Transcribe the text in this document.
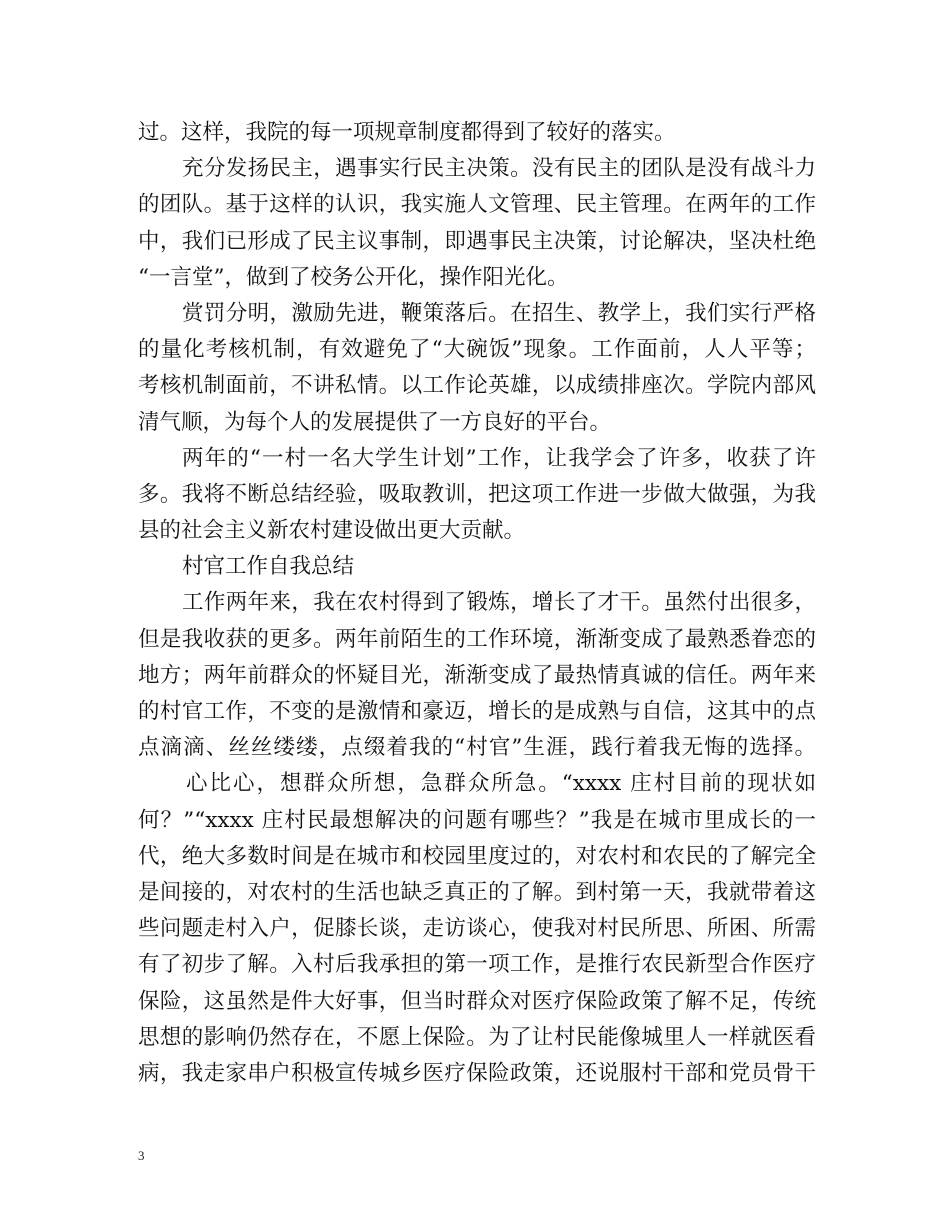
过。这样，我院的每一项规章制度都得到了较好的落实。
充分发扬民主，遇事实行民主决策。没有民主的团队是没有战斗力
的团队。基于这样的认识，我实施人文管理、民主管理。在两年的工作
中，我们已形成了民主议事制，即遇事民主决策，讨论解决，坚决杜绝
“一言堂”，做到了校务公开化，操作阳光化。
赏罚分明，激励先进，鞭策落后。在招生、教学上，我们实行严格
的量化考核机制，有效避免了“大碗饭”现象。工作面前，人人平等；
考核机制面前，不讲私情。以工作论英雄，以成绩排座次。学院内部风
清气顺，为每个人的发展提供了一方良好的平台。
两年的“一村一名大学生计划”工作，让我学会了许多，收获了许
多。我将不断总结经验，吸取教训，把这项工作进一步做大做强，为我
县的社会主义新农村建设做出更大贡献。
村官工作自我总结
工作两年来，我在农村得到了锻炼，增长了才干。虽然付出很多，
但是我收获的更多。两年前陌生的工作环境，渐渐变成了最熟悉眷恋的
地方；两年前群众的怀疑目光，渐渐变成了最热情真诚的信任。两年来
的村官工作，不变的是激情和豪迈，增长的是成熟与自信，这其中的点
点滴滴、丝丝缕缕，点缀着我的“村官”生涯，践行着我无悔的选择。
心比心，想群众所想，急群众所急。“xxxx 庄村目前的现状如
何？”“xxxx 庄村民最想解决的问题有哪些？”我是在城市里成长的一
代，绝大多数时间是在城市和校园里度过的，对农村和农民的了解完全
是间接的，对农村的生活也缺乏真正的了解。到村第一天，我就带着这
些问题走村入户，促膝长谈，走访谈心，使我对村民所思、所困、所需
有了初步了解。入村后我承担的第一项工作，是推行农民新型合作医疗
保险，这虽然是件大好事，但当时群众对医疗保险政策了解不足，传统
思想的影响仍然存在，不愿上保险。为了让村民能像城里人一样就医看
病，我走家串户积极宣传城乡医疗保险政策，还说服村干部和党员骨干
3
